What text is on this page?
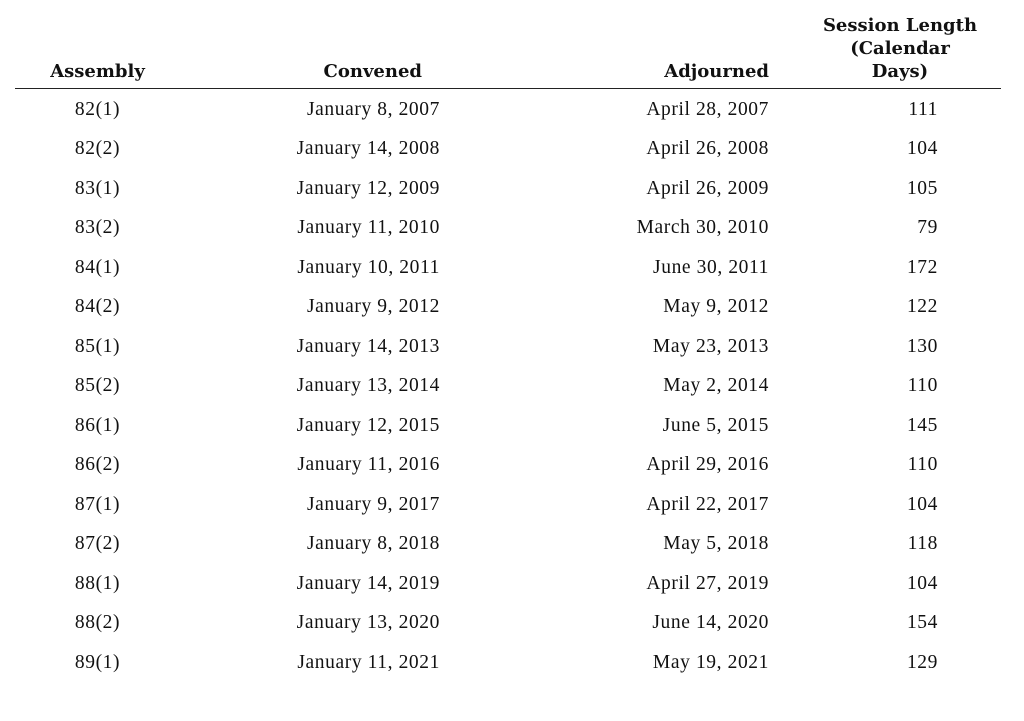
Assembly	Convened	Adjourned	Session Length
(Calendar
Days)

82(1)	January 8, 2007	April 28, 2007	111
82(2)	January 14, 2008	April 26, 2008	104
83(1)	January 12, 2009	April 26, 2009	105
83(2)	January 11, 2010	March 30, 2010	79
84(1)	January 10, 2011	June 30, 2011	172
84(2)	January 9, 2012	May 9, 2012	122
85(1)	January 14, 2013	May 23, 2013	130
85(2)	January 13, 2014	May 2, 2014	110
86(1)	January 12, 2015	June 5, 2015	145
86(2)	January 11, 2016	April 29, 2016	110
87(1)	January 9, 2017	April 22, 2017	104
87(2)	January 8, 2018	May 5, 2018	118
88(1)	January 14, 2019	April 27, 2019	104
88(2)	January 13, 2020	June 14, 2020	154
89(1)	January 11, 2021	May 19, 2021	129
